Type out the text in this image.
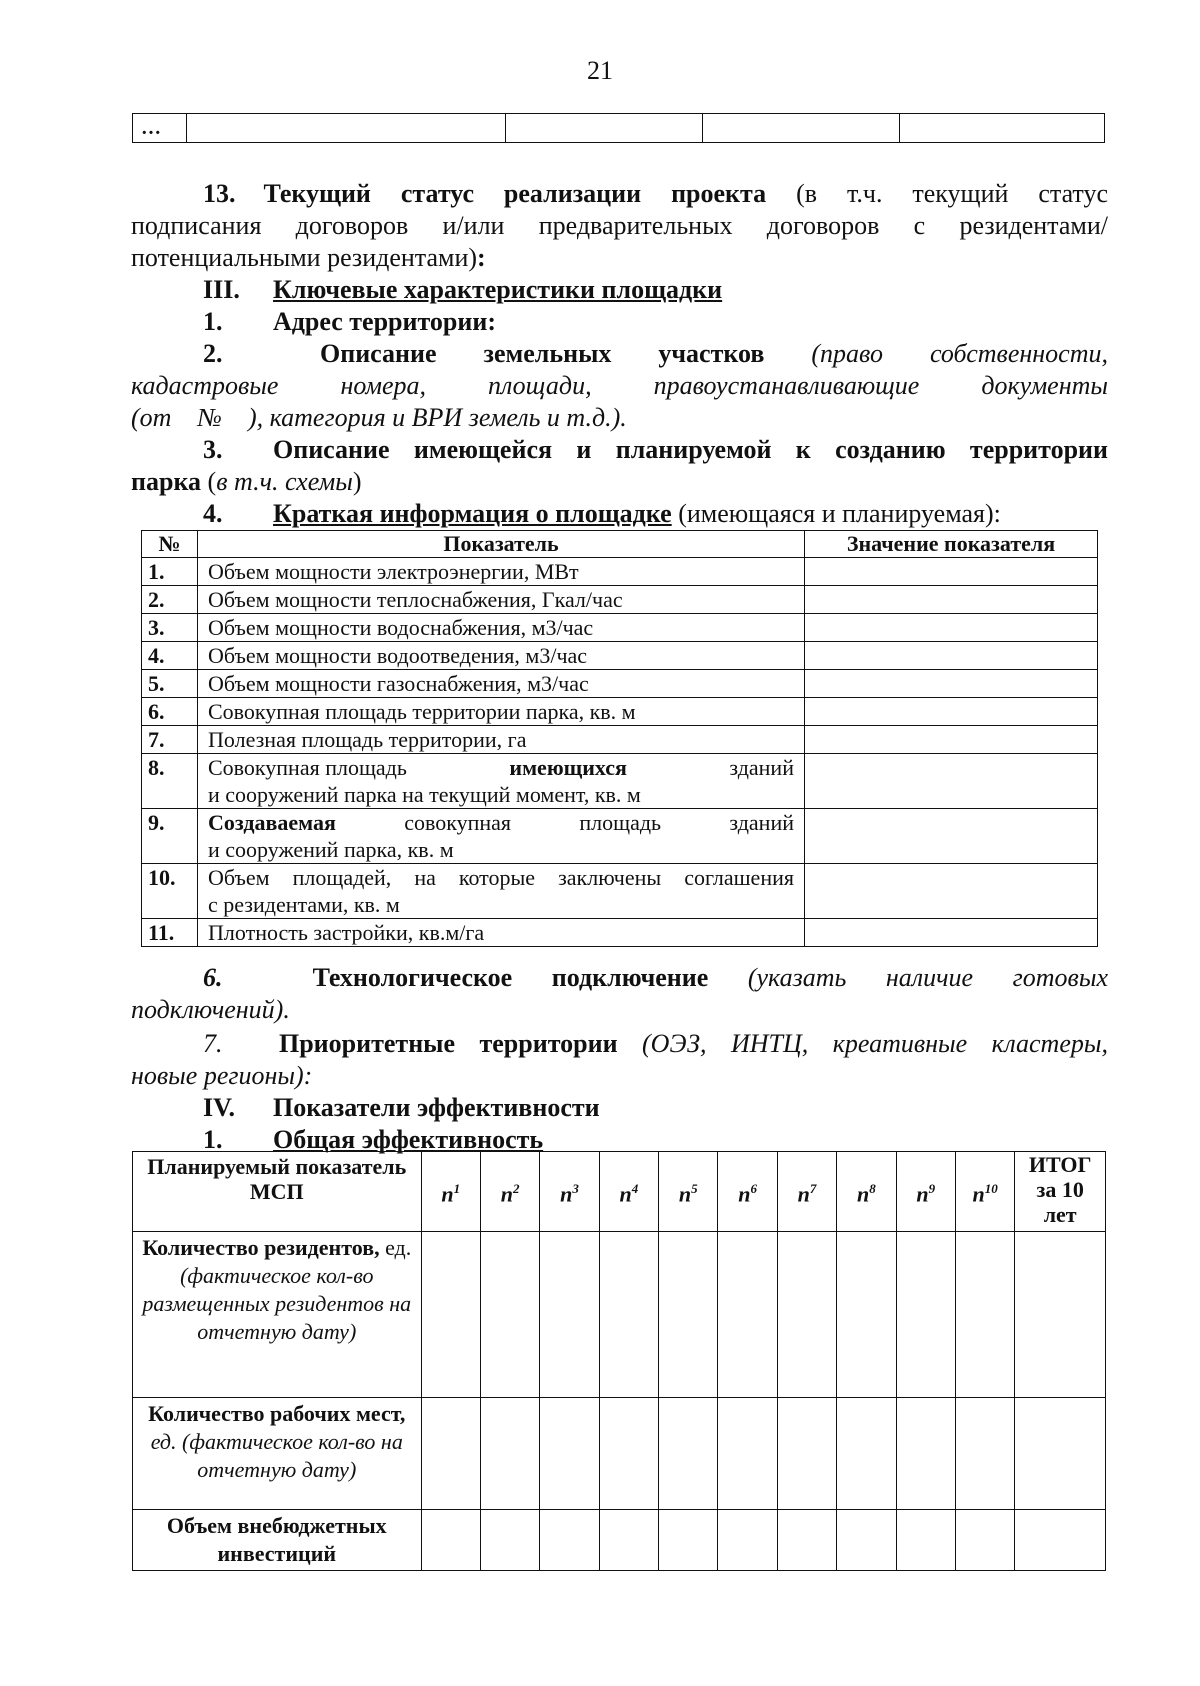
21
…				
13. Текущий статус реализации проекта (в т.ч. текущий статус
подписания договоров и/или предварительных договоров с резидентами/
потенциальными резидентами):
III. Ключевые характеристики площадки
1. Адрес территории:
2.	Описание земельных участков (право собственности,
кадастровые номера, площади, правоустанавливающие документы
(от    №    ), категория и ВРИ земель и т.д.).
3. Описание имеющейся и планируемой к созданию территории
парка (в т.ч. схемы)
4. Краткая информация о площадке (имеющаяся и планируемая):
№	Показатель	Значение показателя
1.	Объем мощности электроэнергии, МВт	
2.	Объем мощности теплоснабжения, Гкал/час	
3.	Объем мощности водоснабжения, м3/час	
4.	Объем мощности водоотведения, м3/час	
5.	Объем мощности газоснабжения, м3/час	
6.	Совокупная площадь территории парка, кв. м	
7.	Полезная площадь территории, га	
8.	Совокупная площадь имеющихся зданий
и сооружений парка на текущий момент, кв. м	

9.	Создаваемая совокупная площадь зданий
и сооружений парка, кв. м	

10.	Объем площадей, на которые заключены соглашения
с резидентами, кв. м	

11.	Плотность застройки, кв.м/га	
6.	Технологическое подключение (указать наличие готовых
подключений).
7. Приоритетные территории (ОЭЗ, ИНТЦ, креативные кластеры,
новые регионы):
IV. Показатели эффективности
1. Общая эффективность
Планируемый показатель МСП	$n^1$	$n^2$	$n^3$	$n^4$	$n^5$	$n^6$	$n^7$	$n^8$	$n^9$	$n^{10}$	ИТОГ
за 10
лет

Количество резидентов, ед. (фактическое кол-во размещенных резидентов на отчетную дату)											
Количество рабочих мест, ед. (фактическое кол-во на отчетную дату)											
Объем внебюджетных инвестиций											
